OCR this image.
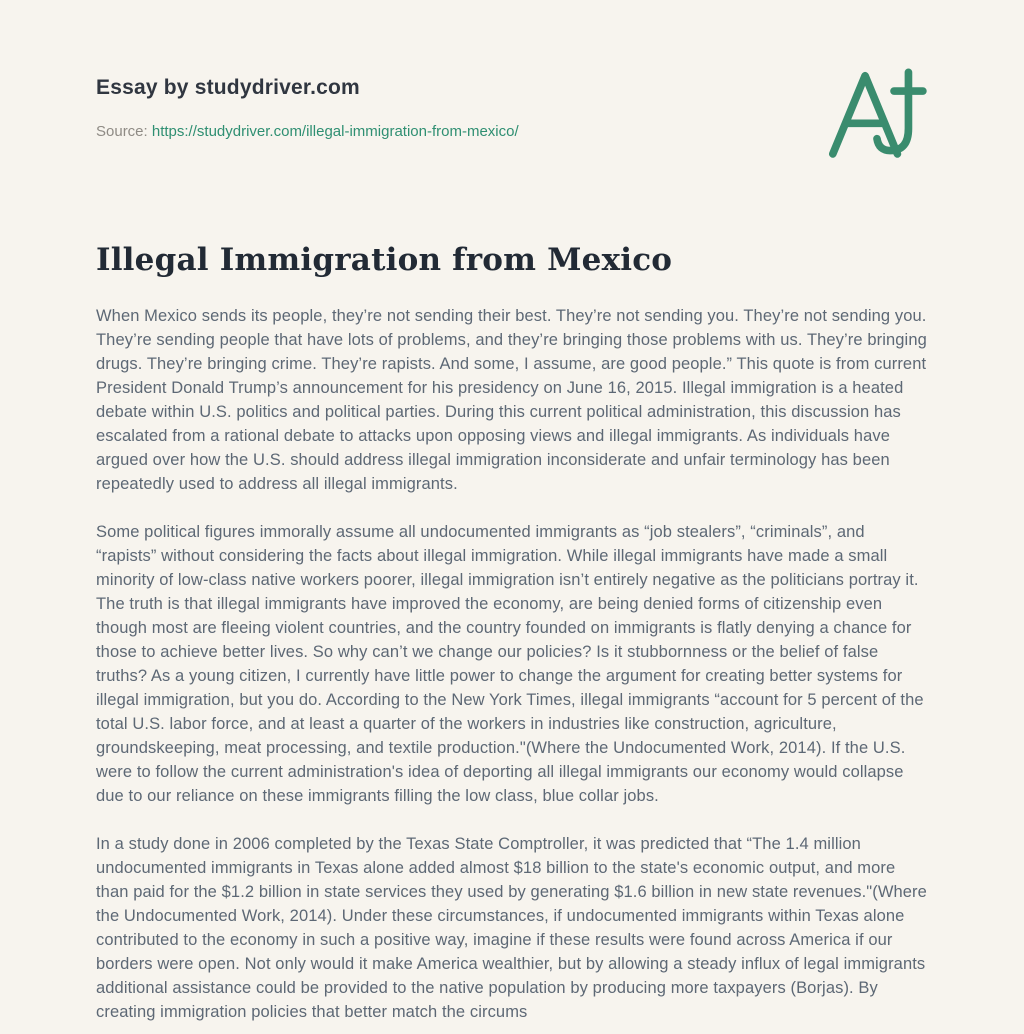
Essay by studydriver.com

Source: https://studydriver.com/illegal-immigration-from-mexico/

Illegal Immigration from Mexico

When Mexico sends its people, they’re not sending their best. They’re not sending you. They’re not sending you. They’re sending people that have lots of problems, and they’re bringing those problems with us. They’re bringing drugs. They’re bringing crime. They’re rapists. And some, I assume, are good people.” This quote is from current President Donald Trump’s announcement for his presidency on June 16, 2015. Illegal immigration is a heated debate within U.S. politics and political parties. During this current political administration, this discussion has escalated from a rational debate to attacks upon opposing views and illegal immigrants. As individuals have argued over how the U.S. should address illegal immigration inconsiderate and unfair terminology has been repeatedly used to address all illegal immigrants.

Some political figures immorally assume all undocumented immigrants as “job stealers”, “criminals”, and “rapists” without considering the facts about illegal immigration. While illegal immigrants have made a small minority of low-class native workers poorer, illegal immigration isn’t entirely negative as the politicians portray it. The truth is that illegal immigrants have improved the economy, are being denied forms of citizenship even though most are fleeing violent countries, and the country founded on immigrants is flatly denying a chance for those to achieve better lives. So why can’t we change our policies? Is it stubbornness or the belief of false truths? As a young citizen, I currently have little power to change the argument for creating better systems for illegal immigration, but you do. According to the New York Times, illegal immigrants “account for 5 percent of the total U.S. labor force, and at least a quarter of the workers in industries like construction, agriculture, groundskeeping, meat processing, and textile production."(Where the Undocumented Work, 2014). If the U.S. were to follow the current administration's idea of deporting all illegal immigrants our economy would collapse due to our reliance on these immigrants filling the low class, blue collar jobs.

In a study done in 2006 completed by the Texas State Comptroller, it was predicted that “The 1.4 million undocumented immigrants in Texas alone added almost $18 billion to the state's economic output, and more than paid for the $1.2 billion in state services they used by generating $1.6 billion in new state revenues."(Where the Undocumented Work, 2014). Under these circumstances, if undocumented immigrants within Texas alone contributed to the economy in such a positive way, imagine if these results were found across America if our borders were open. Not only would it make America wealthier, but by allowing a steady influx of legal immigrants additional assistance could be provided to the native population by producing more taxpayers (Borjas). By creating immigration policies that better match the circums
